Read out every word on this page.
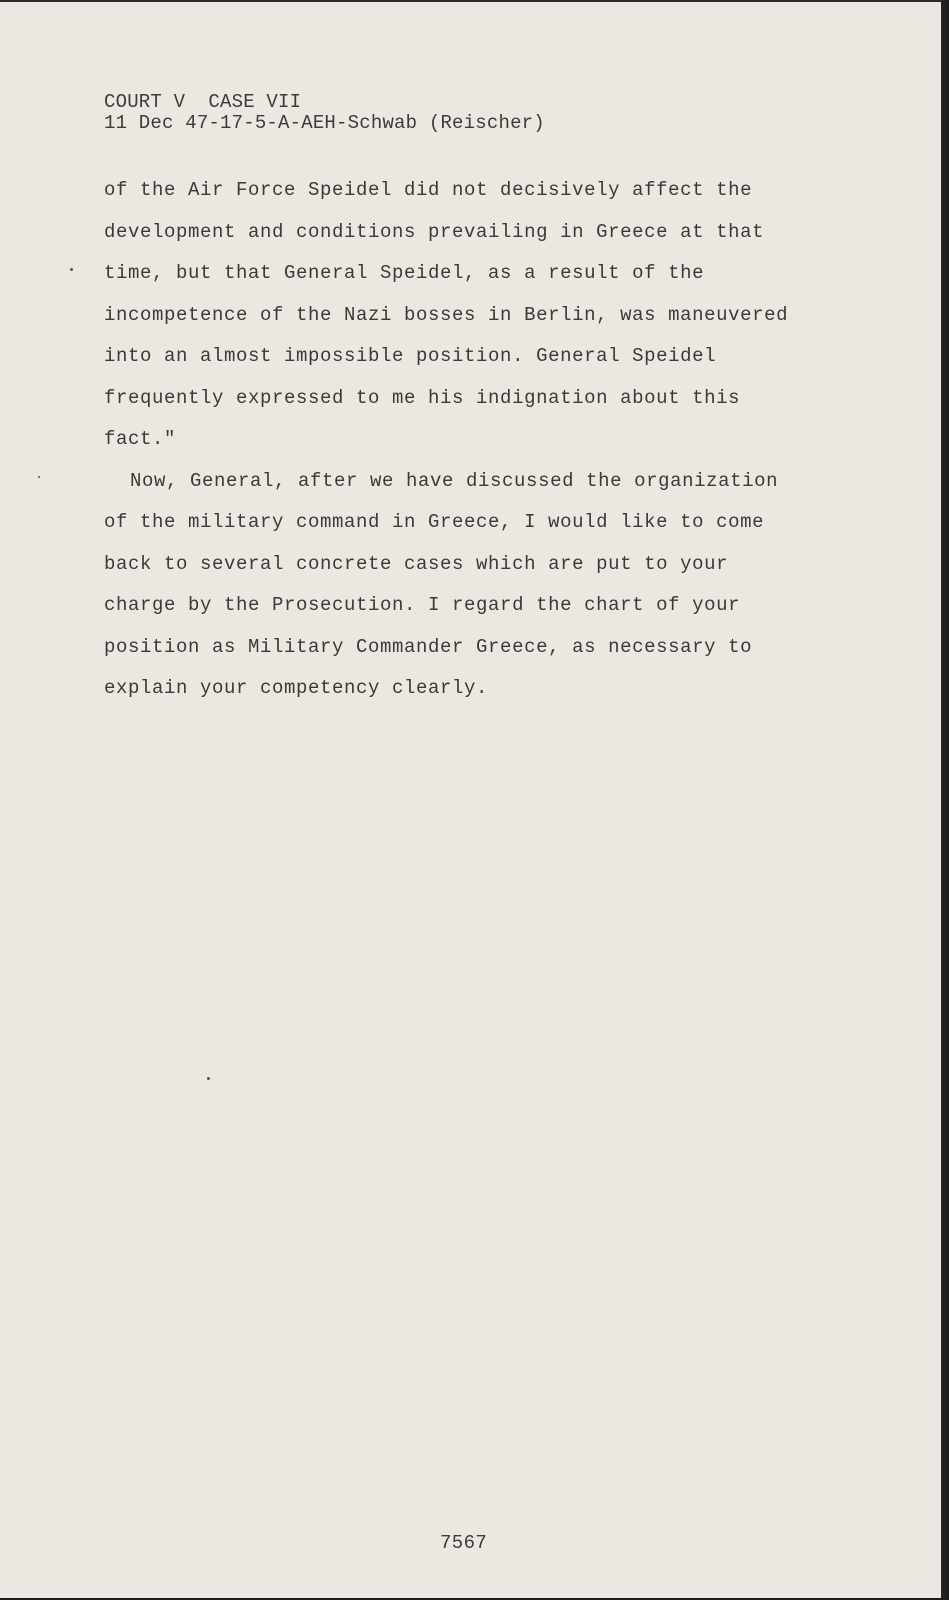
COURT V  CASE VII
11 Dec 47-17-5-A-AEH-Schwab (Reischer)
of the Air Force Speidel did not decisively affect the
development and conditions prevailing in Greece at that
time, but that General Speidel, as a result of the
incompetence of the Nazi bosses in Berlin, was maneuvered
into an almost impossible position. General Speidel
frequently expressed to me his indignation about this
fact."
Now, General, after we have discussed the organization
of the military command in Greece, I would like to come
back to several concrete cases which are put to your
charge by the Prosecution. I regard the chart of your
position as Military Commander Greece, as necessary to
explain your competency clearly.
7567
